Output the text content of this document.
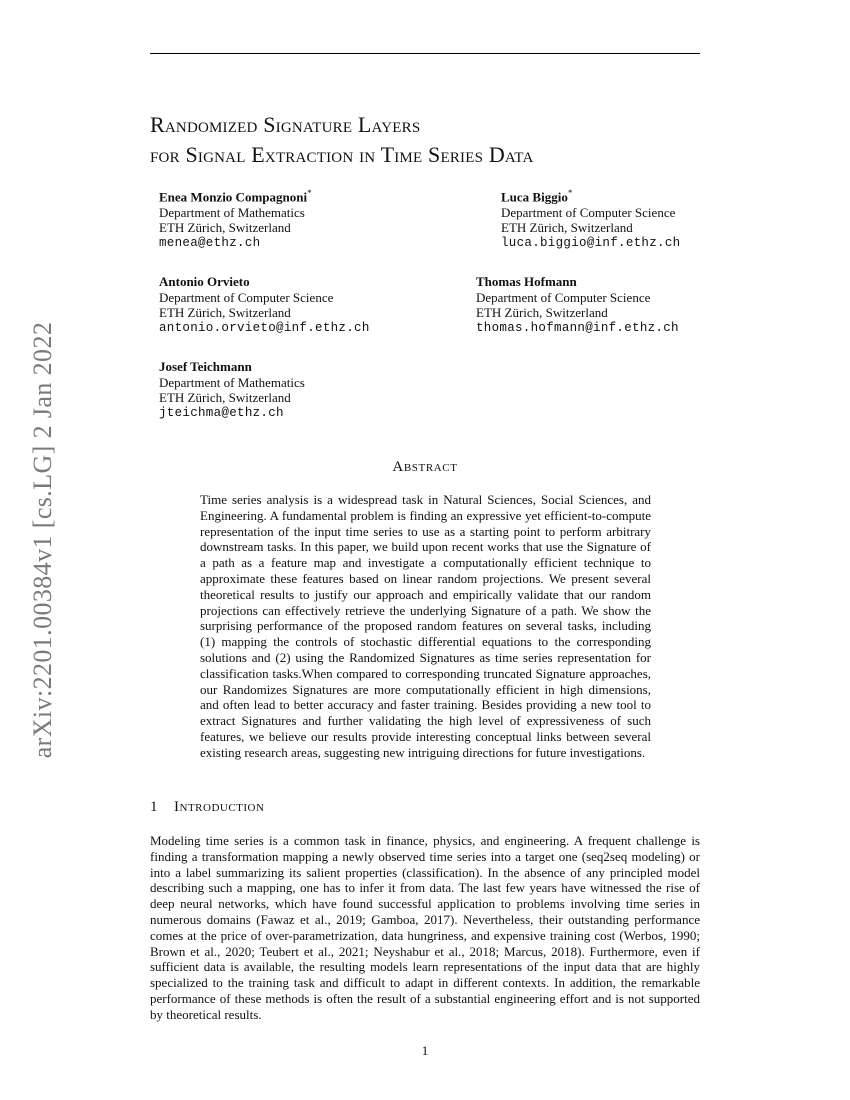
arXiv:2201.00384v1 [cs.LG] 2 Jan 2022
Randomized Signature Layers
for Signal Extraction in Time Series Data
Enea Monzio Compagnoni*
Department of Mathematics
ETH Zürich, Switzerland
menea@ethz.ch
Luca Biggio*
Department of Computer Science
ETH Zürich, Switzerland
luca.biggio@inf.ethz.ch
Antonio Orvieto
Department of Computer Science
ETH Zürich, Switzerland
antonio.orvieto@inf.ethz.ch
Thomas Hofmann
Department of Computer Science
ETH Zürich, Switzerland
thomas.hofmann@inf.ethz.ch
Josef Teichmann
Department of Mathematics
ETH Zürich, Switzerland
jteichma@ethz.ch
Abstract
Time series analysis is a widespread task in Natural Sciences, Social Sciences, and Engineering. A fundamental problem is finding an expressive yet efficient-to-compute representation of the input time series to use as a starting point to perform arbitrary downstream tasks. In this paper, we build upon recent works that use the Signature of a path as a feature map and investigate a computationally efficient technique to approximate these features based on linear random projections. We present several theoretical results to justify our approach and empirically validate that our random projections can effectively retrieve the underlying Signature of a path. We show the surprising performance of the proposed random features on several tasks, including (1) mapping the controls of stochastic differential equations to the corresponding solutions and (2) using the Randomized Signatures as time series representation for classification tasks.When compared to corresponding truncated Signature approaches, our Randomizes Signatures are more computationally efficient in high dimensions, and often lead to better accuracy and faster training. Besides providing a new tool to extract Signatures and further validating the high level of expressiveness of such features, we believe our results provide interesting conceptual links between several existing research areas, suggesting new intriguing directions for future investigations.
1 Introduction
Modeling time series is a common task in finance, physics, and engineering. A frequent challenge is finding a transformation mapping a newly observed time series into a target one (seq2seq modeling) or into a label summarizing its salient properties (classification). In the absence of any principled model describing such a mapping, one has to infer it from data. The last few years have witnessed the rise of deep neural networks, which have found successful application to problems involving time series in numerous domains (Fawaz et al., 2019; Gamboa, 2017). Nevertheless, their outstanding performance comes at the price of over-parametrization, data hungriness, and expensive training cost (Werbos, 1990; Brown et al., 2020; Teubert et al., 2021; Neyshabur et al., 2018; Marcus, 2018). Furthermore, even if sufficient data is available, the resulting models learn representations of the input data that are highly specialized to the training task and difficult to adapt in different contexts. In addition, the remarkable performance of these methods is often the result of a substantial engineering effort and is not supported by theoretical results.
1
